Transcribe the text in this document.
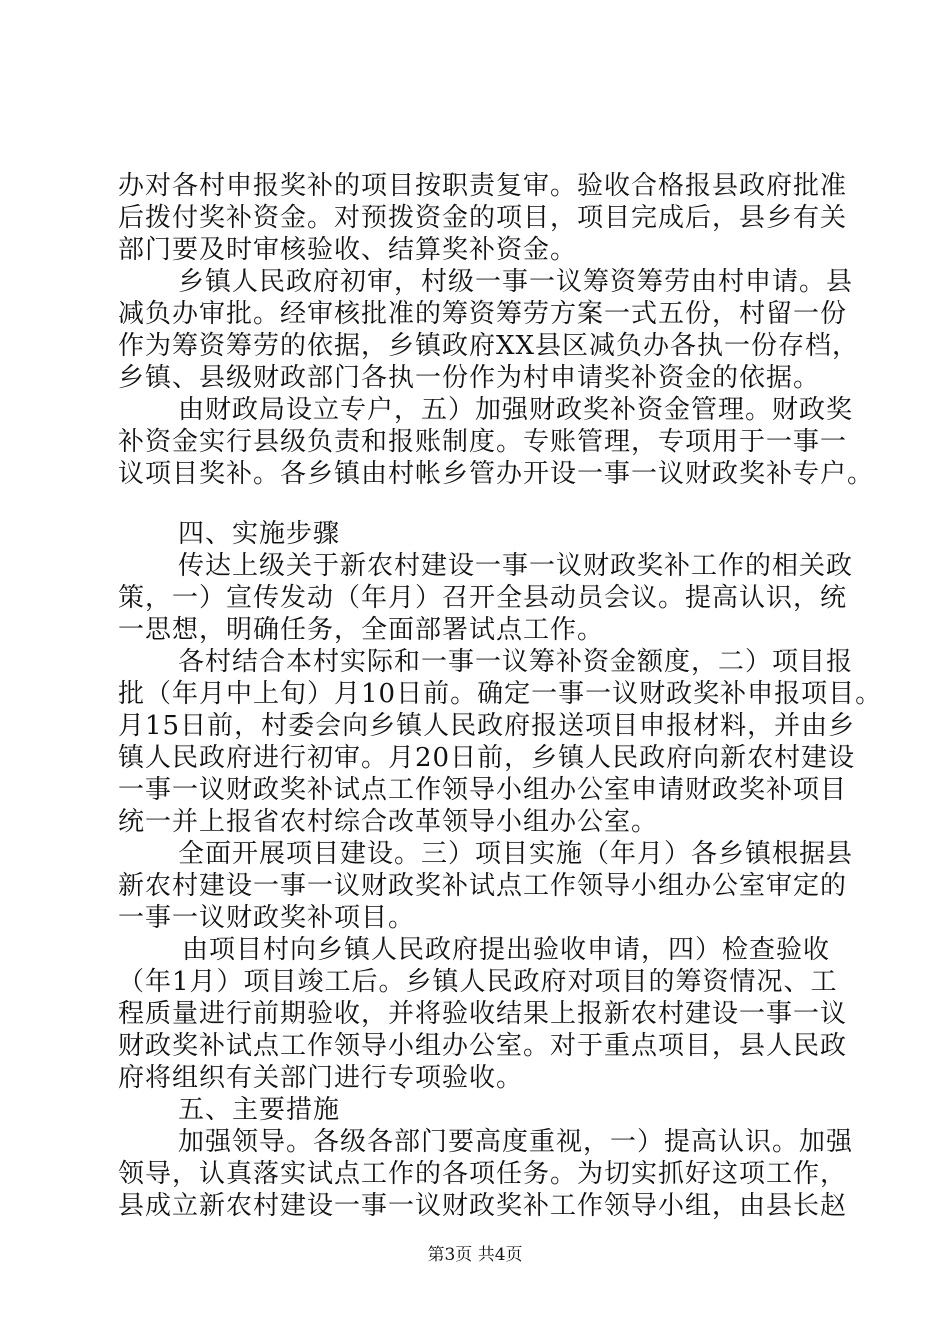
办对各村申报奖补的项目按职责复审。验收合格报县政府批准
后拨付奖补资金。对预拨资金的项目，项目完成后，县乡有关
部门要及时审核验收、结算奖补资金。
乡镇人民政府初审，村级一事一议筹资筹劳由村申请。县
减负办审批。经审核批准的筹资筹劳方案一式五份，村留一份
作为筹资筹劳的依据，乡镇政府XX县区减负办各执一份存档，
乡镇、县级财政部门各执一份作为村申请奖补资金的依据。
由财政局设立专户，五）加强财政奖补资金管理。财政奖
补资金实行县级负责和报账制度。专账管理，专项用于一事一
议项目奖补。各乡镇由村帐乡管办开设一事一议财政奖补专户。
四、实施步骤
传达上级关于新农村建设一事一议财政奖补工作的相关政
策，一）宣传发动（年月）召开全县动员会议。提高认识，统
一思想，明确任务，全面部署试点工作。
各村结合本村实际和一事一议筹补资金额度，二）项目报
批（年月中上旬）月10日前。确定一事一议财政奖补申报项目。
月15日前，村委会向乡镇人民政府报送项目申报材料，并由乡
镇人民政府进行初审。月20日前，乡镇人民政府向新农村建设
一事一议财政奖补试点工作领导小组办公室申请财政奖补项目
统一并上报省农村综合改革领导小组办公室。
全面开展项目建设。三）项目实施（年月）各乡镇根据县
新农村建设一事一议财政奖补试点工作领导小组办公室审定的
一事一议财政奖补项目。
由项目村向乡镇人民政府提出验收申请，四）检查验收
（年1月）项目竣工后。乡镇人民政府对项目的筹资情况、工
程质量进行前期验收，并将验收结果上报新农村建设一事一议
财政奖补试点工作领导小组办公室。对于重点项目，县人民政
府将组织有关部门进行专项验收。
五、主要措施
加强领导。各级各部门要高度重视，一）提高认识。加强
领导，认真落实试点工作的各项任务。为切实抓好这项工作，
县成立新农村建设一事一议财政奖补工作领导小组，由县长赵
第3页 共4页
